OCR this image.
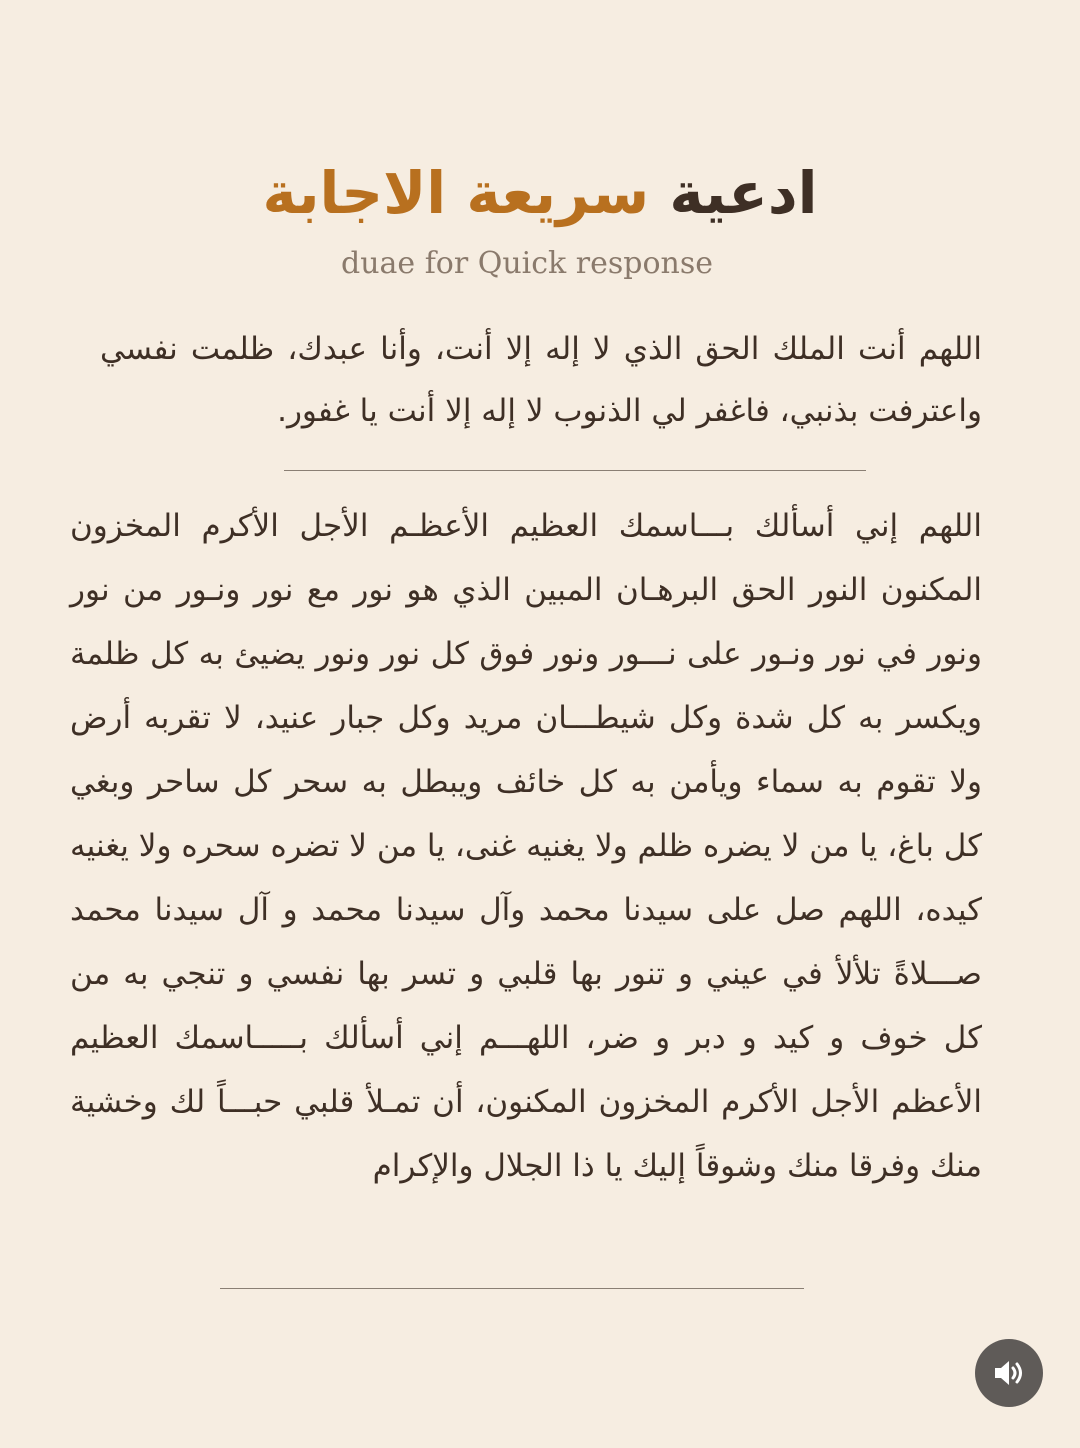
ادعية سريعة الاجابة
duae for Quick response

اللهم أنت الملك الحق الذي لا إله إلا أنت، وأنا عبدك، ظلمت نفسي واعترفت بذنبي، فاغفر لي الذنوب لا إله إلا أنت يا غفور.

اللهم إني أسألك بـــاسمك العظيم الأعظـم الأجل الأكرم المخزون المكنون النور الحق البرهـان المبين الذي هو نور مع نور ونـور من نور ونور في نور ونـور على نـــور ونور فوق كل نور ونور يضيئ به كل ظلمة ويكسر به كل شدة وكل شيطـــان مريد وكل جبار عنيد، لا تقربه أرض ولا تقوم به سماء ويأمن به كل خائف ويبطل به سحر كل ساحر وبغي كل باغ، يا من لا يضره ظلم ولا يغنيه غنى، يا من لا تضره سحره ولا يغنيه كيده، اللهم صل على سيدنا محمد وآل سيدنا محمد و آل سيدنا محمد صـــلاةً تلألأ في عيني و تنور بها قلبي و تسر بها نفسي و تنجي به من كل خوف و كيد و دبر و ضر، اللهـــم إني أسألك بـــــاسمك العظيم الأعظم الأجل الأكرم المخزون المكنون، أن تمـلأ قلبي حبـــاً لك وخشية منك وفرقا منك وشوقاً إليك يا ذا الجلال والإكرام
